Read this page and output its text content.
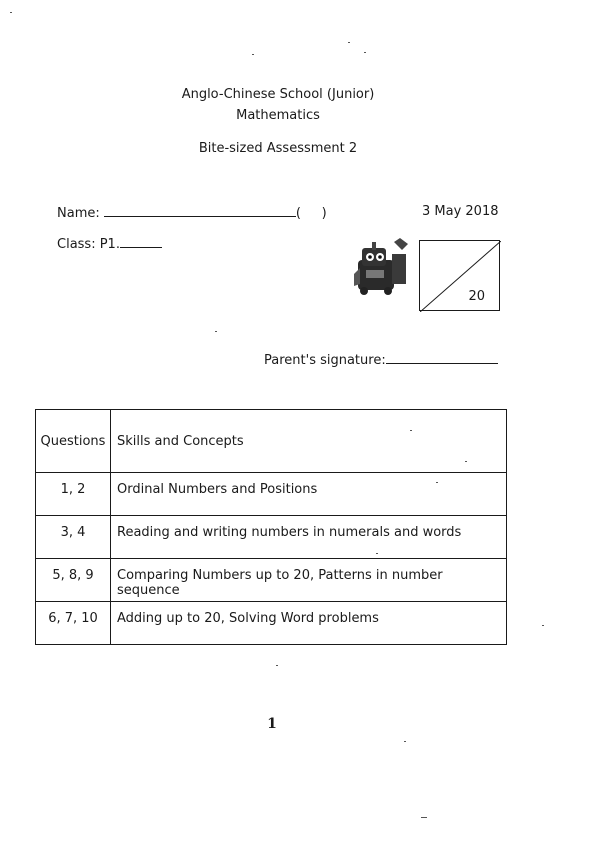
Anglo-Chinese School (Junior)
Mathematics
Bite-sized Assessment 2
Name:	(     )	3 May 2018
Class: P1.
20
Parent's signature:
Questions	Skills and Concepts
1, 2	Ordinal Numbers and Positions
3, 4	Reading and writing numbers in numerals and words
5, 8, 9	Comparing Numbers up to 20, Patterns in number sequence
6, 7, 10	Adding up to 20, Solving Word problems
1
